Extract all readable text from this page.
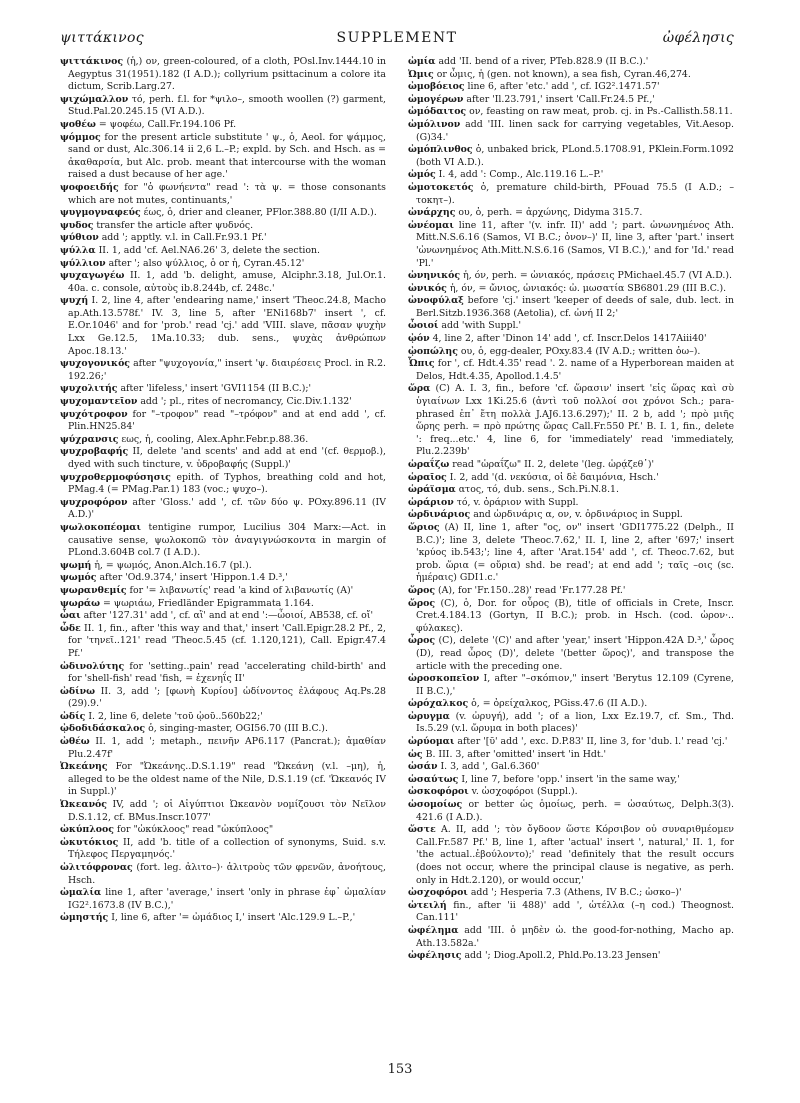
ψιττάκινος	SUPPLEMENT	ὠφέλησις

ψιττάκινος (ἡ,) ον, green-coloured, of a cloth, POsl.Inv.1444.10 in Aegyptus 31(1951).182 (I A.D.); collyrium psittacinum a colore ita dictum, Scrib.Larg.27.

ψιχώμαλλον τό, perh. f.l. for *ψιλο–, smooth woollen (?) garment, Stud.Pal.20.245.15 (VI A.D.).

ψοθέω = ψοφέω, Call.Fr.194.106 Pf.

ψόμμος for the present article substitute ' ψ., ὁ, Aeol. for ψάμμος, sand or dust, Alc.306.14 ii 2,6 L.–P.; expld. by Sch. and Hsch. as = ἀκαθαρσία, but Alc. prob. meant that intercourse with the woman raised a dust because of her age.'

ψοφοειδής for "ὁ φωνήεντα" read ': τὰ ψ. = those consonants which are not mutes, continuants,'

ψυγμογναφεύς έως, ὁ, drier and cleaner, PFlor.388.80 (I/II A.D.).

ψυδος transfer the article after ψυδνός.

ψύθιον add '; apptly. v.l. in Call.Fr.93.1 Pf.'

ψύλλα II. 1, add 'cf. Ael.NA6.26' 3, delete the section.

ψύλλιον after '; also ψύλλιος, ὁ or ἡ, Cyran.45.12'

ψυχαγωγέω II. 1, add 'b. delight, amuse, Alciphr.3.18, Jul.Or.1. 40a. c. console, αὐτοὺς ib.8.244b, cf. 248c.'

ψυχή I. 2, line 4, after 'endearing name,' insert 'Theoc.24.8, Macho ap.Ath.13.578f.' IV. 3, line 5, after 'ENi168b7' insert ', cf. E.Or.1046' and for 'prob.' read 'cj.' add 'VIII. slave, πᾶσαν ψυχὴν Lxx Ge.12.5, 1Ma.10.33; dub. sens., ψυχὰς ἀνθρώπων Apoc.18.13.'

ψυχογονικός after "ψυχογονία," insert 'ψ. διαιρέσεις Procl. in R.2. 192.26;'

ψυχολιτής after 'lifeless,' insert 'GVI1154 (II B.C.);'

ψυχομαντεῖον add '; pl., rites of necromancy, Cic.Div.1.132'

ψυχότροφον for "–τροφον" read "–τρόφον" and at end add ', cf. Plin.HN25.84'

ψύχρανσις εως, ἡ, cooling, Alex.Aphr.Febr.p.88.36.

ψυχροβαφής II, delete 'and scents' and add at end '(cf. θερμοβ.), dyed with such tincture, v. ὑδροβαφής (Suppl.)'

ψυχροθερμοφύσησις epith. of Typhos, breathing cold and hot, PMag.4 (= PMag.Par.1) 183 (voc.; ψυχο–).

ψυχροφόρον after 'Gloss.' add ', cf. τῶν δύο ψ. POxy.896.11 (IV A.D.)'

ψωλοκοπέομαι tentigine rumpor, Lucilius 304 Marx:—Act. in causative sense, ψωλοκοπῶ τὸν ἀναγιγνώσκοντα in margin of PLond.3.604B col.7 (I A.D.).

ψωμή ἡ, = ψωμός, Anon.Alch.16.7 (pl.).

ψωμός after 'Od.9.374,' insert 'Hippon.1.4 D.³,'

ψωρανθεμίς for '= λιβανωτίς' read 'a kind of λιβανωτίς (A)'

ψωράω = ψωριάω, Friedländer Epigrammata 1.164.

ὦαι after '127.31' add ', cf. αἲ' and at end ':—ὦοιοί, AB538, cf. οἴ'

ὧδε II. 1, fin., after 'this way and that,' insert 'Call.Epigr.28.2 Pf., 2, for 'τηνεῖ..121' read 'Theoc.5.45 (cf. 1.120,121), Call. Epigr.47.4 Pf.'

ὠδινολύτης for 'setting..pain' read 'accelerating child-birth' and for 'shell-fish' read 'fish, = ἐχενηΐς II'

ὠδίνω II. 3, add '; [φωνὴ Κυρίου] ὠδίνοντος ἐλάφους Aq.Ps.28 (29).9.'

ὠδίς I. 2, line 6, delete 'τοῦ ᾠοῦ..560b22;'

ᾠδοδιδάσκαλος ὁ, singing-master, OGI56.70 (III B.C.).

ὠθέω II. 1, add '; metaph., πεινῆν AP6.117 (Pancrat.); ἀμαθίαν Plu.2.47f'

Ὠκεάνης For "Ὠκεάνης..D.S.1.19" read "Ὠκεάνη (v.l. –μη), ἡ, alleged to be the oldest name of the Nile, D.S.1.19 (cf. 'Ὠκεανός IV in Suppl.)'

Ὠκεανός IV, add '; οἱ Αἰγύπτιοι Ὠκεανὸν νομίζουσι τὸν Νεῖλον D.S.1.12, cf. BMus.Inscr.1077'

ὠκύπλοος for "ὠκύκλοος" read "ὠκύπλοος"

ὠκυτόκιος II, add 'b. title of a collection of synonyms, Suid. s.v. Τήλεφος Περγαμηνός.'

ὠλιτόφρονας (fort. leg. ἀλιτο–)· ἀλιτροὺς τῶν φρενῶν, ἀνοήτους, Hsch.

ὠμαλία line 1, after 'average,' insert 'only in phrase ἐφ᾽ ὠμαλίαν IG2².1673.8 (IV B.C.),'

ὠμηστής I, line 6, after '= ὠμάδιος I,' insert 'Alc.129.9 L.–P.,'

ὠμία add 'II. bend of a river, PTeb.828.9 (II B.C.).'

Ὠμις or ὦμις, ἡ (gen. not known), a sea fish, Cyran.46,274.

ὠμοβόειος line 6, after 'etc.' add ', cf. IG2².1471.57'

ὠμογέρων after 'Il.23.791,' insert 'Call.Fr.24.5 Pf.,'

ὠμόδαιτος ον, feasting on raw meat, prob. cj. in Ps.-Callisth.58.11.

ὠμόλινον add 'III. linen sack for carrying vegetables, Vit.Aesop.(G)34.'

ὠμόπλινθος ὁ, unbaked brick, PLond.5.1708.91, PKlein.Form.1092 (both VI A.D.).

ὠμός I. 4, add ': Comp., Alc.119.16 L.–P.'

ὠμοτοκετός ὁ, premature child-birth, PFouad 75.5 (I A.D.; –τοκητ–).

ὠνάρχης ου, ὁ, perh. = ἀρχώνης, Didyma 315.7.

ὠνέομαι line 11, after '(v. infr. II)' add '; part. ὠνωνημένος Ath. Mitt.N.S.6.16 (Samos, VI B.C.; ὀνον–)' II, line 3, after 'part.' insert 'ὠνωνημένος Ath.Mitt.N.S.6.16 (Samos, VI B.C.),' and for 'Id.' read 'Pl.'

ὠνηνικός ἡ, όν, perh. = ὠνιακός, πράσεις PMichael.45.7 (VI A.D.).

ὠνικός ἡ, όν, = ὤνιος, ὠνιακός: ὠ. μωσατία SB6801.29 (III B.C.).

ὠνοφύλαξ before 'cj.' insert 'keeper of deeds of sale, dub. lect. in Berl.Sitzb.1936.368 (Aetolia), cf. ὠνή II 2;'

ὦοιοί add 'with Suppl.'

ᾠόν 4, line 2, after 'Dinon 14' add ', cf. Inscr.Delos 1417Aiii40'

ᾠοπώλης ου, ὁ, egg-dealer, POxy.83.4 (IV A.D.; written ὀω–).

Ὦπις for ', cf. Hdt.4.35' read '. 2. name of a Hyperborean maiden at Delos, Hdt.4.35, Apollod.1.4.5'

ὥρα (C) A. I. 3, fin., before 'cf. ὥρασιν' insert 'εἰς ὥρας καὶ σὺ ὑγιαίνων Lxx 1Ki.25.6 (ἀντὶ τοῦ πολλοί σοι χρόνοι Sch.; para-phrased ἐπ᾽ ἔτη πολλὰ J.AJ6.13.6.297);' II. 2 b, add '; πρὸ μιῆς ὥρης perh. = πρὸ πρώτης ὥρας Call.Fr.550 Pf.' B. I. 1, fin., delete ': freq...etc.' 4, line 6, for 'immediately' read 'immediately, Plu.2.239b'

ὡραΐζω read "ὡραΐζω" II. 2, delete '(leg. ὡρᾴζεθ᾽)'

ὡραῖος I. 2, add '(d. νεκύσια, οἱ δὲ δαιμόνια, Hsch.'

ὡράϊσμα ατος, τό, dub. sens., Sch.Pi.N.8.1.

ὡράριον τό, v. ὀράριον with Suppl.

ὡρδινάριος and ὡρδινάρις α, ον, v. ὀρδινάριος in Suppl.

ὥριος (A) II, line 1, after "ος, ον" insert 'GDI1775.22 (Delph., II B.C.)'; line 3, delete 'Theoc.7.62,' II. I, line 2, after '697;' insert 'κρύος ib.543;'; line 4, after 'Arat.154' add ', cf. Theoc.7.62, but prob. ὥρια (= οὔρια) shd. be read'; at end add '; ταῖς –οις (sc. ἡμέραις) GDI1.c.'

ὥρος (A), for 'Fr.150..28)' read 'Fr.177.28 Pf.'

ὥρος (C), ὁ, Dor. for οὖρος (B), title of officials in Crete, Inscr. Cret.4.184.13 (Gortyn, II B.C.); prob. in Hsch. (cod. ὠρον·.. φύλακες).

ὧρος (C), delete '(C)' and after 'year,' insert 'Hippon.42A D.³,' ὧρος (D), read ὦρος (D)', delete '(better ὥρος)', and transpose the article with the preceding one.

ὡροσκοπεῖον I, after "–σκόπιον," insert 'Berytus 12.109 (Cyrene, II B.C.),'

ὡρόχαλκος ὁ, = ὀρείχαλκος, PGiss.47.6 (II A.D.).

ὠρυγμα (v. ὠρυγή), add '; of a lion, Lxx Ez.19.7, cf. Sm., Thd. Is.5.29 (v.l. ὤρυμα in both places)'

ὠρύομαι after '[ῡ' add ', exc. D.P.83' II, line 3, for 'dub. l.' read 'cj.'

ὡς B. III. 3, after 'omitted' insert 'in Hdt.'

ὡσάν I. 3, add ', Gal.6.360'

ὡσαύτως I, line 7, before 'opp.' insert 'in the same way,'

ὠσκοφόροι v. ὠσχοφόροι (Suppl.).

ὡσομοίως or better ὡς ὁμοίως, perh. = ὡσαύτως, Delph.3(3). 421.6 (I A.D.).

ὥστε A. II, add '; τὸν ὄγδοον ὥστε Κόρσιβον οὐ συναριθμέομεν Call.Fr.587 Pf.' B, line 1, after 'actual' insert ', natural,' II. 1, for 'the actual..ἐβούλοντο);' read 'definitely that the result occurs (does not occur, where the principal clause is negative, as perh. only in Hdt.2.120), or would occur,'

ὠσχοφόροι add '; Hesperia 7.3 (Athens, IV B.C.; ὠσκο–)'

ὠτειλή fin., after 'ii 488)' add ', ὠτέλλα (–η cod.) Theognost. Can.111'

ὠφέλημα add 'III. ὁ μηδὲν ὠ. the good-for-nothing, Macho ap. Ath.13.582a.'

ὠφέλησις add '; Diog.Apoll.2, Phld.Po.13.23 Jensen'

153
